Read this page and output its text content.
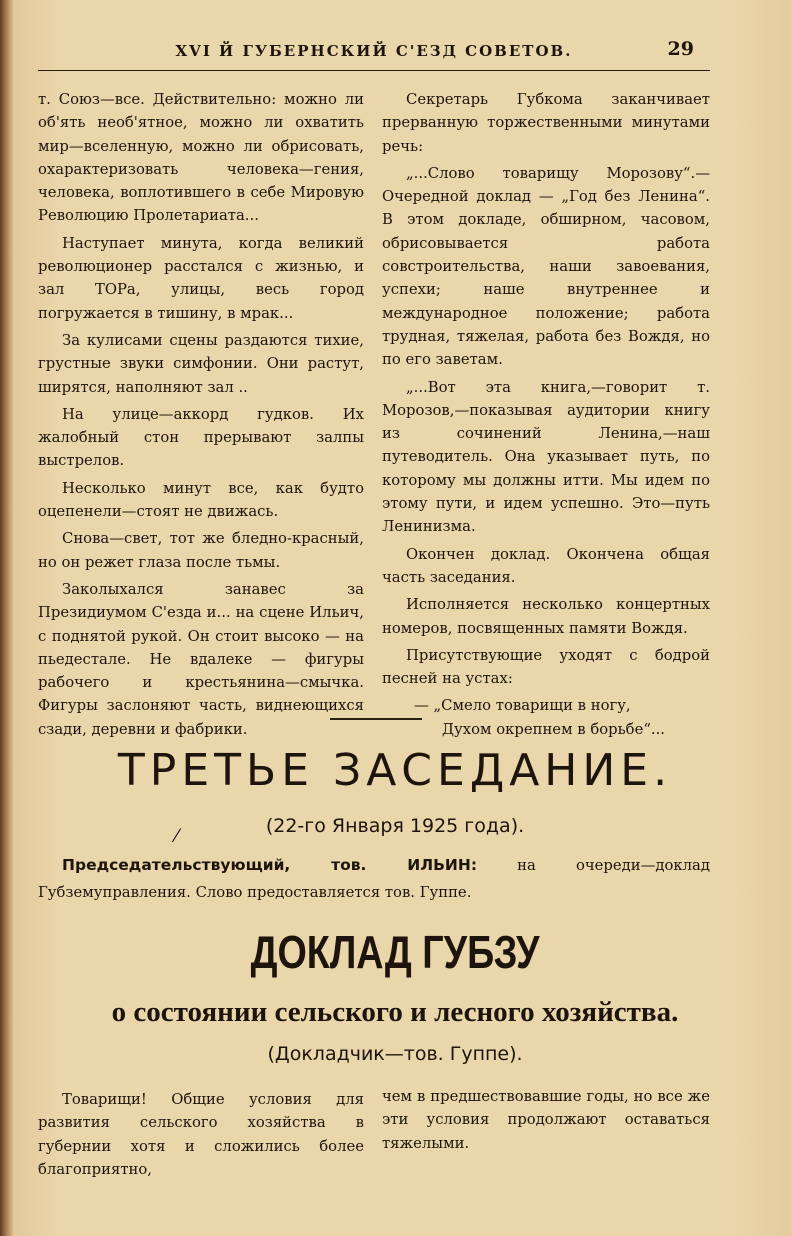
XVI Й ГУБЕРНСКИЙ С'ЕЗД СОВЕТОВ.	29

т. Союз—все. Действительно: можно ли об'ять необ'ятное, можно ли охватить мир—вселенную, можно ли обрисовать, охарактеризовать человека—гения, человека, воплотившего в себе Мировую Революцию Пролетариата...

Наступает минута, когда великий революционер расстался с жизнью, и зал ТОРа, улицы, весь город погружается в тишину, в мрак...

За кулисами сцены раздаются тихие, грустные звуки симфонии. Они растут, ширятся, наполняют зал ..

На улице—аккорд гудков. Их жалобный стон прерывают залпы выстрелов.

Несколько минут все, как будто оцепенели—стоят не движась.

Снова—свет, тот же бледно-красный, но он режет глаза после тьмы.

Заколыхался занавес за Президиумом С'езда и... на сцене Ильич, с поднятой рукой. Он стоит высоко — на пьедестале. Не вдалеке — фигуры рабочего и крестьянина—смычка. Фигуры заслоняют часть, виднеющихся сзади, деревни и фабрики.

Секретарь Губкома заканчивает прерванную торжественными минутами речь:

„...Слово товарищу Морозову“.— Очередной доклад — „Год без Ленина“. В этом докладе, обширном, часовом, обрисовывается работа совстроительства, наши завоевания, успехи; наше внутреннее и международное положение; работа трудная, тяжелая, работа без Вождя, но по его заветам.

„...Вот эта книга,—говорит т. Морозов,—показывая аудитории книгу из сочинений Ленина,—наш путеводитель. Она указывает путь, по которому мы должны итти. Мы идем по этому пути, и идем успешно. Это—путь Ленинизма.

Окончен доклад. Окончена общая часть заседания.

Исполняется несколько концертных номеров, посвященных памяти Вождя.

Присутствующие уходят с бодрой песней на устах:

— „Смело товарищи в ногу,

Духом окрепнем в борьбе“...

ТРЕТЬЕ ЗАСЕДАНИЕ.
⁄	(22-го Января 1925 года).
Председательствующий, тов. ИЛЬИН:	на очереди—доклад Губземуправления. Слово предоставляется тов. Гуппе.
ДОКЛАД ГУБЗУ
о состоянии сельского и лесного хозяйства.
(Докладчик—тов. Гуппе).

Товарищи! Общие условия для развития сельского хозяйства в губернии хотя и сложились более благоприятно,

чем в предшествовавшие годы, но все же эти условия продолжают оставаться тяжелыми.
